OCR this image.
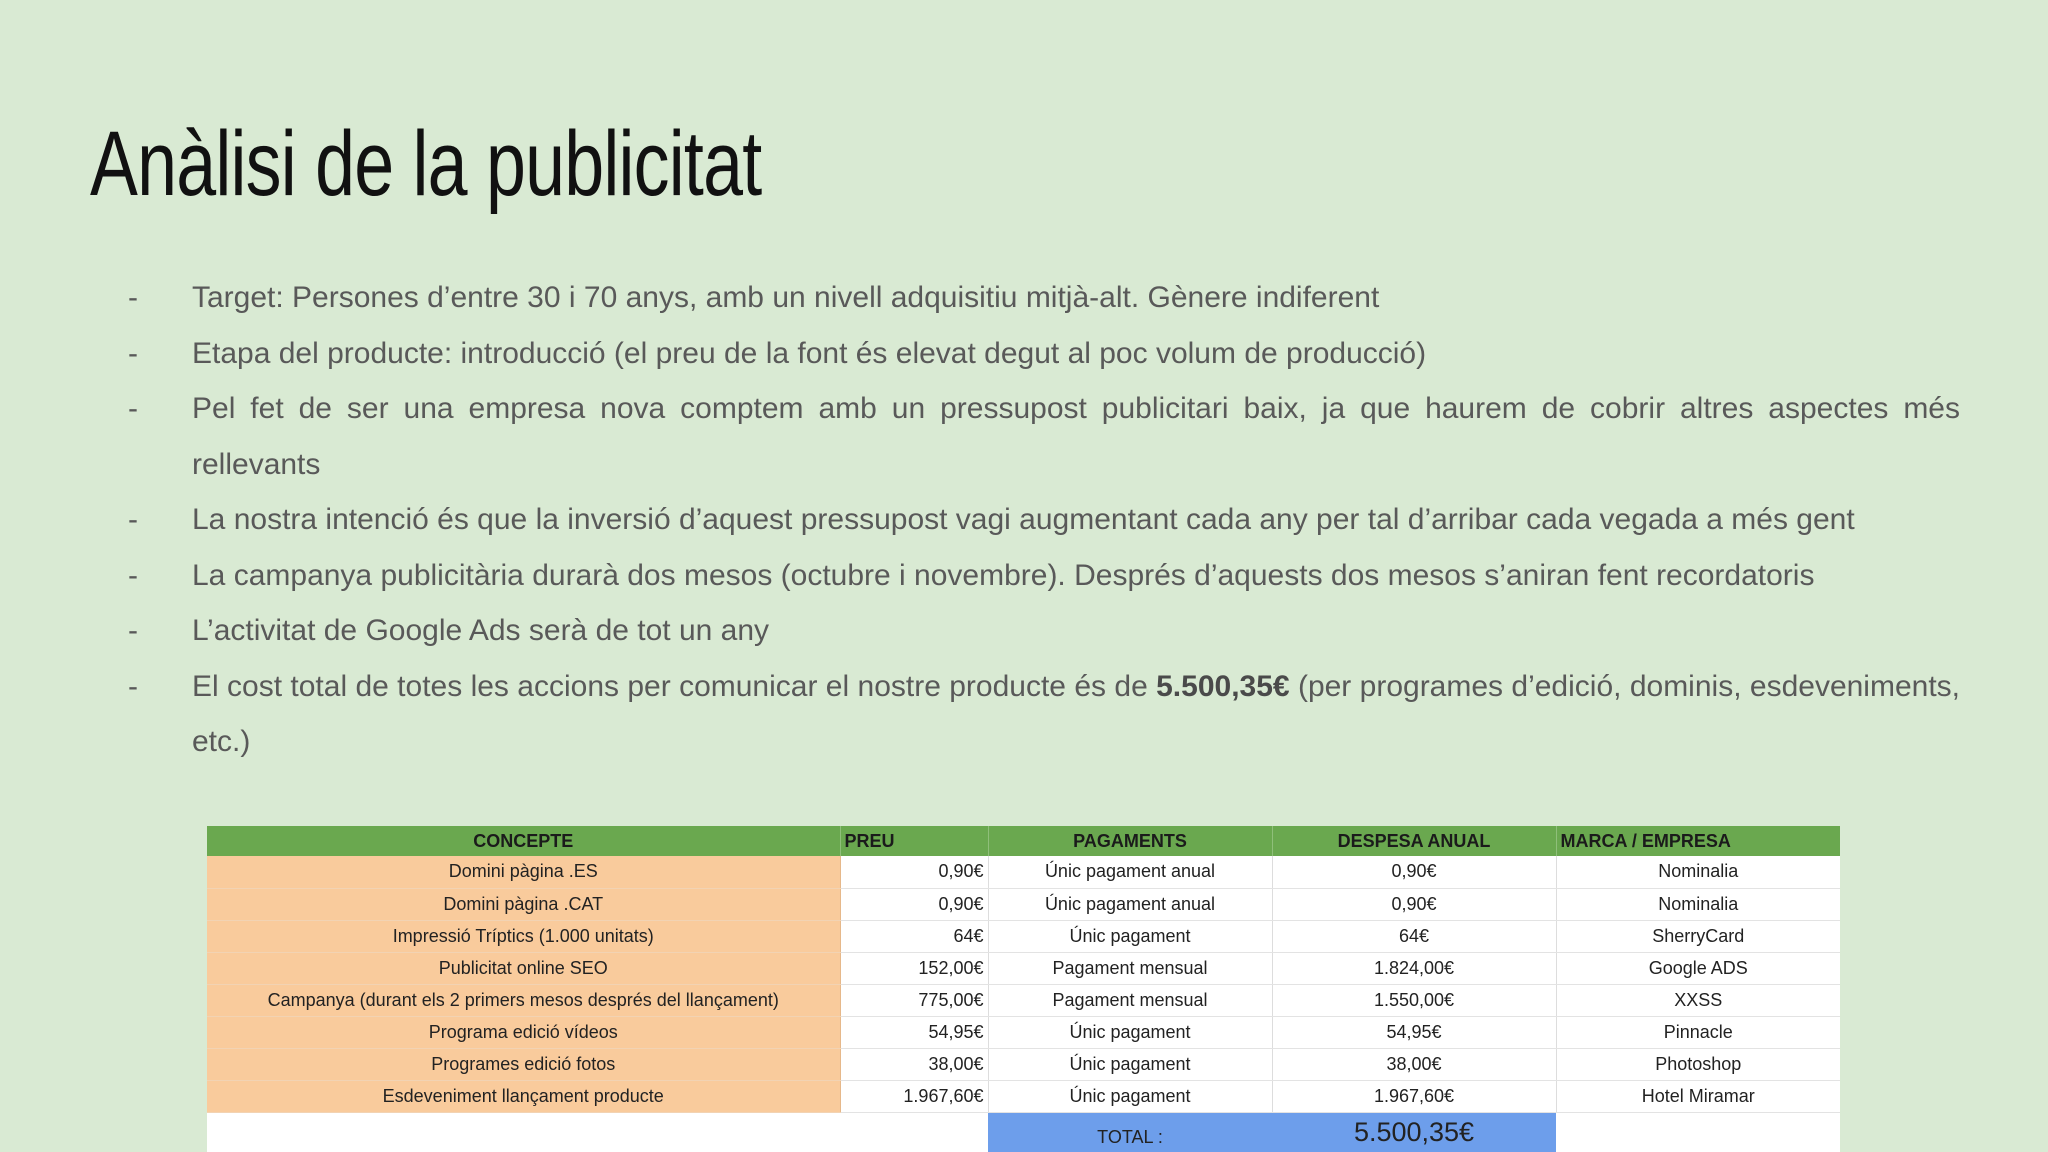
Anàlisi de la publicitat
- Target: Persones d’entre 30 i 70 anys, amb un nivell adquisitiu mitjà-alt. Gènere indiferent
- Etapa del producte: introducció (el preu de la font és elevat degut al poc volum de producció)
- Pel fet de ser una empresa nova comptem amb un pressupost publicitari baix, ja que haurem de cobrir altres aspectes més rellevants
- La nostra intenció és que la inversió d’aquest pressupost vagi augmentant cada any per tal d’arribar cada vegada a més gent
- La campanya publicitària durarà dos mesos (octubre i novembre). Després d’aquests dos mesos s’aniran fent recordatoris
- L’activitat de Google Ads serà de tot un any
- El cost total de totes les accions per comunicar el nostre producte és de 5.500,35€ (per programes d’edició, dominis, esdeveniments, etc.)
CONCEPTE	PREU	PAGAMENTS	DESPESA ANUAL	MARCA / EMPRESA
Domini pàgina .ES	0,90€	Únic pagament anual	0,90€	Nominalia
Domini pàgina .CAT	0,90€	Únic pagament anual	0,90€	Nominalia
Impressió Tríptics (1.000 unitats)	64€	Únic pagament	64€	SherryCard
Publicitat online SEO	152,00€	Pagament mensual	1.824,00€	Google ADS
Campanya (durant els 2 primers mesos després del llançament)	775,00€	Pagament mensual	1.550,00€	XXSS
Programa edició vídeos	54,95€	Únic pagament	54,95€	Pinnacle
Programes edició fotos	38,00€	Únic pagament	38,00€	Photoshop
Esdeveniment llançament producte	1.967,60€	Únic pagament	1.967,60€	Hotel Miramar
		TOTAL :	5.500,35€	
